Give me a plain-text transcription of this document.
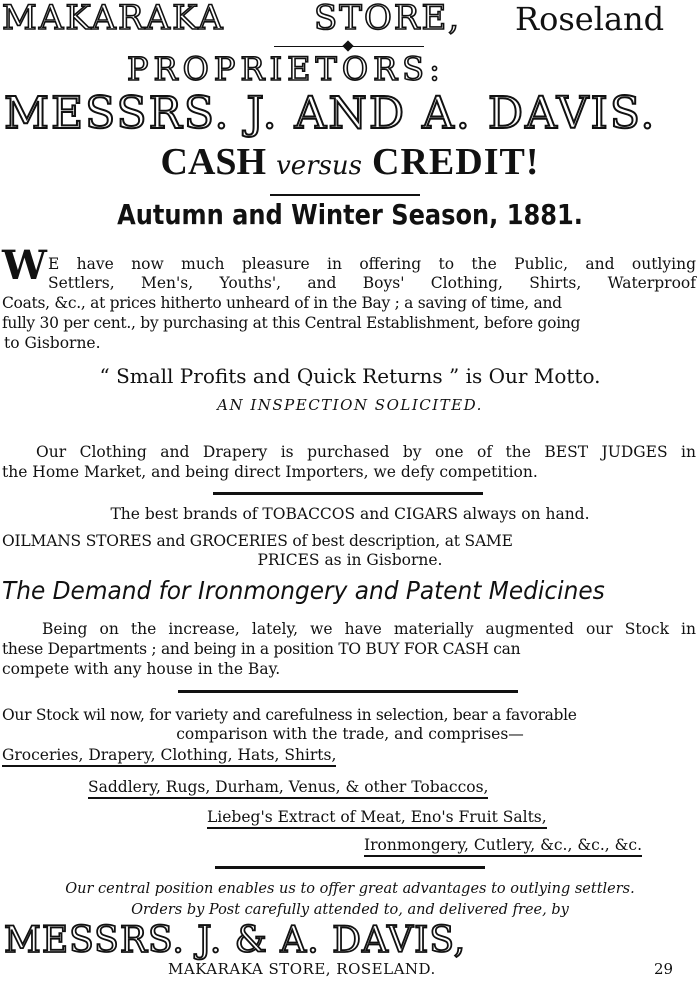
MAKARAKA	STORE, Roseland
PROPRIETORS:
MESSRS. J. AND A. DAVIS.
CASH versus CREDIT!
Autumn and Winter Season, 1881.
W E have now much pleasure in offering to the Public, and outlying
Settlers, Men's, Youths', and Boys' Clothing, Shirts, Waterproof
Coats, &c., at prices hitherto unheard of in the Bay ; a saving of time, and
fully 30 per cent., by purchasing at this Central Establishment, before going
to Gisborne.
“ Small Profits and Quick Returns ” is Our Motto.
AN INSPECTION SOLICITED.
Our Clothing and Drapery is purchased by one of the BEST JUDGES in
the Home Market, and being direct Importers, we defy competition.
The best brands of TOBACCOS and CIGARS always on hand.
OILMANS STORES and GROCERIES of best description, at SAME
PRICES as in Gisborne.
The Demand for Ironmongery and Patent Medicines
Being on the increase, lately, we have materially augmented our Stock in
these Departments ; and being in a position TO BUY FOR CASH can
compete with any house in the Bay.
Our Stock wil now, for variety and carefulness in selection, bear a favorable
comparison with the trade, and comprises—
Groceries, Drapery, Clothing, Hats, Shirts,
Saddlery, Rugs, Durham, Venus, & other Tobaccos,
Liebeg's Extract of Meat, Eno's Fruit Salts,
Ironmongery, Cutlery, &c., &c., &c.
Our central position enables us to offer great advantages to outlying settlers.
Orders by Post carefully attended to, and delivered free, by
MESSRS. J. & A. DAVIS,
MAKARAKA STORE, ROSELAND.	29
